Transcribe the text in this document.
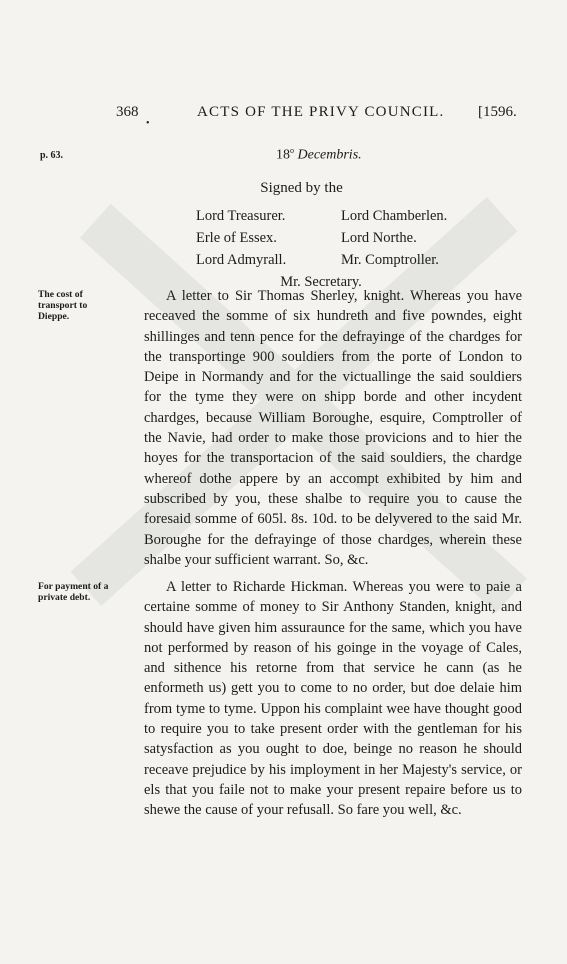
368
•
ACTS OF THE PRIVY COUNCIL. [1596.
p. 63.	18$^o$ Decembris.
Signed by the
Lord Treasurer.	Lord Chamberlen.
Erle of Essex.	Lord Northe.
Lord Admyrall.	Mr. Comptroller.
Mr. Secretary.
The cost of transport to Dieppe.
A letter to Sir Thomas Sherley, knight. Whereas you have receaved the somme of six hundreth and five powndes, eight shillinges and tenn pence for the defrayinge of the chardges for the transportinge 900 souldiers from the porte of London to Deipe in Normandy and for the victuallinge the said souldiers for the tyme they were on shipp borde and other incydent chardges, because William Boroughe, esquire, Comptroller of the Navie, had order to make those provicions and to hier the hoyes for the transportacion of the said souldiers, the chardge whereof dothe appere by an accompt exhibited by him and subscribed by you, these shalbe to require you to cause the foresaid somme of 605l. 8s. 10d. to be delyvered to the said Mr. Boroughe for the defrayinge of those chardges, wherein these shalbe your sufficient warrant. So, &c.
For payment of a private debt.
A letter to Richarde Hickman. Whereas you were to paie a certaine somme of money to Sir Anthony Standen, knight, and should have given him assuraunce for the same, which you have not performed by reason of his goinge in the voyage of Cales, and sithence his retorne from that service he cann (as he enformeth us) gett you to come to no order, but doe delaie him from tyme to tyme. Uppon his complaint wee have thought good to require you to take present order with the gentleman for his satysfaction as you ought to doe, beinge no reason he should receave prejudice by his imployment in her Majesty's service, or els that you faile not to make your present repaire before us to shewe the cause of your refusall. So fare you well, &c.
